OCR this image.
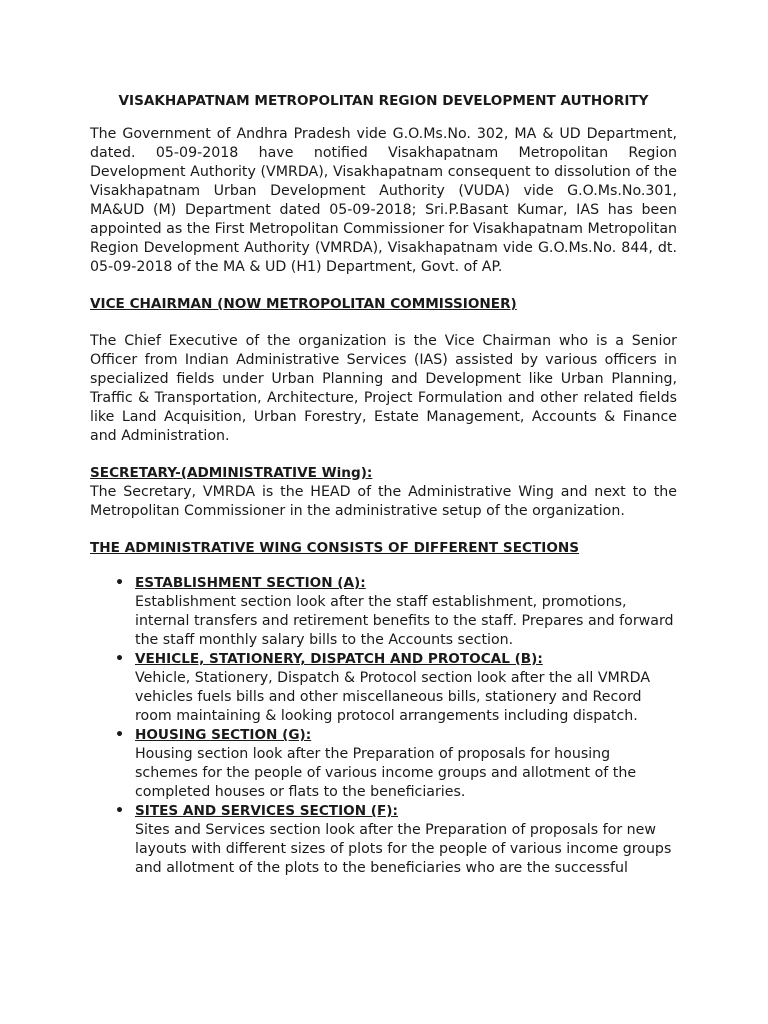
VISAKHAPATNAM METROPOLITAN REGION DEVELOPMENT AUTHORITY

The Government of Andhra Pradesh vide G.O.Ms.No. 302, MA & UD Department, dated. 05-09-2018 have notified Visakhapatnam Metropolitan Region Development Authority (VMRDA), Visakhapatnam consequent to dissolution of the Visakhapatnam Urban Development Authority (VUDA) vide G.O.Ms.No.301, MA&UD (M) Department dated 05-09-2018; Sri.P.Basant Kumar, IAS has been appointed as the First Metropolitan Commissioner for Visakhapatnam Metropolitan Region Development Authority (VMRDA), Visakhapatnam vide G.O.Ms.No. 844, dt. 05-09-2018 of the MA & UD (H1) Department, Govt. of AP.

VICE CHAIRMAN (NOW METROPOLITAN COMMISSIONER)

The Chief Executive of the organization is the Vice Chairman who is a Senior Officer from Indian Administrative Services (IAS) assisted by various officers in specialized fields under Urban Planning and Development like Urban Planning, Traffic & Transportation, Architecture, Project Formulation and other related fields like Land Acquisition, Urban Forestry, Estate Management, Accounts & Finance and Administration.

SECRETARY-(ADMINISTRATIVE Wing):

The Secretary, VMRDA is the HEAD of the Administrative Wing and next to the Metropolitan Commissioner in the administrative setup of the organization.

THE ADMINISTRATIVE WING CONSISTS OF DIFFERENT SECTIONS
• ESTABLISHMENT SECTION (A):
Establishment section look after the staff establishment, promotions, internal transfers and retirement benefits to the staff. Prepares and forward the staff monthly salary bills to the Accounts section.
• VEHICLE, STATIONERY, DISPATCH AND PROTOCAL (B):
Vehicle, Stationery, Dispatch & Protocol section look after the all VMRDA vehicles fuels bills and other miscellaneous bills, stationery and Record room maintaining & looking protocol arrangements including dispatch.
• HOUSING SECTION (G):
Housing section look after the Preparation of proposals for housing schemes for the people of various income groups and allotment of the completed houses or flats to the beneficiaries.
• SITES AND SERVICES SECTION (F):
Sites and Services section look after the Preparation of proposals for new layouts with different sizes of plots for the people of various income groups and allotment of the plots to the beneficiaries who are the successful
